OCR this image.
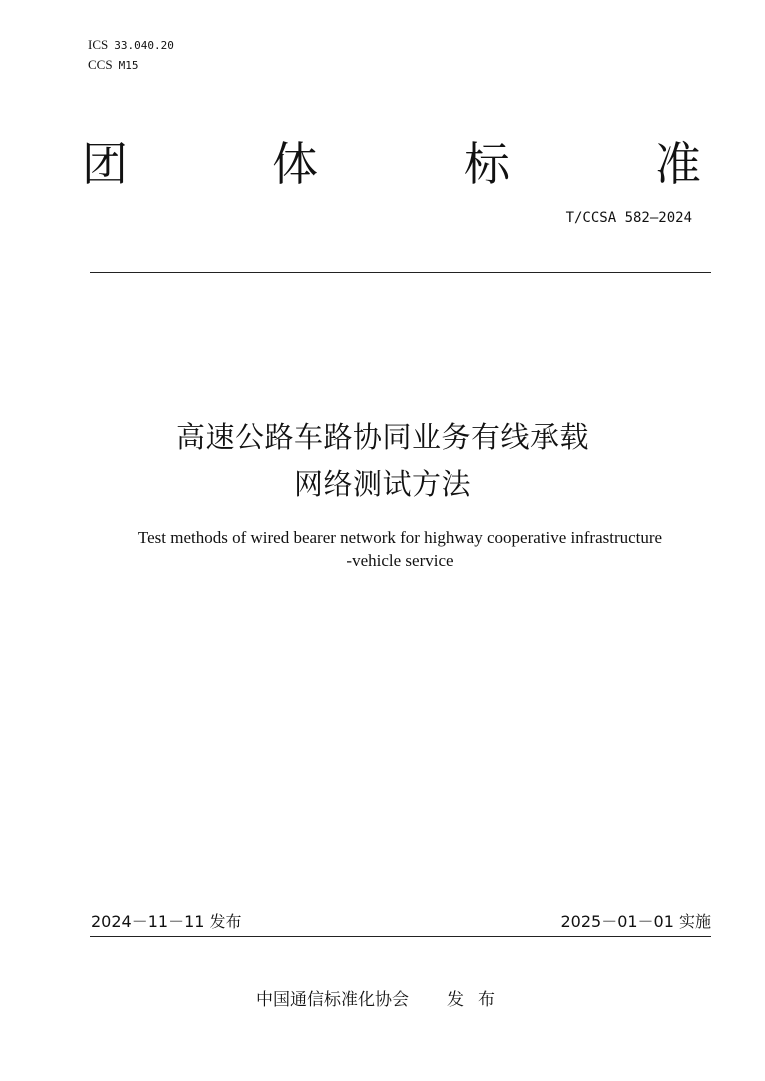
ICS 33.040.20
CCS M15
团	体	标	准
T/CCSA 582—2024
高速公路车路协同业务有线承载
网络测试方法
Test methods of wired bearer network for highway cooperative infrastructure
-vehicle service
2024－11－11 发布	2025－01－01 实施
中国通信标准化协会 发布
